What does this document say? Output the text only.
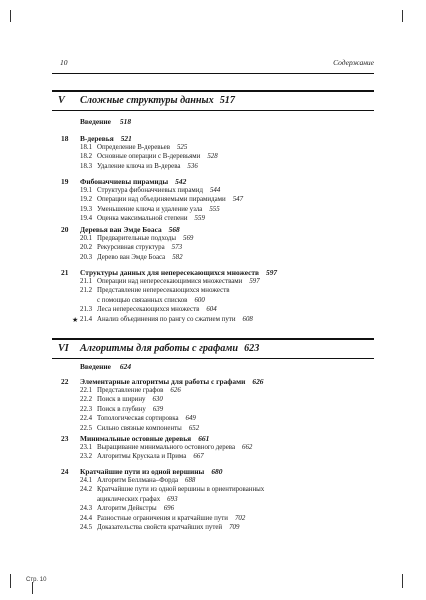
10	Содержание
V Сложные структуры данных 517
Введение 518
18 B-деревья 521
18.1 Определение B-деревьев 525
18.2 Основные операции с B-деревьями 528
18.3 Удаление ключа из B-дерева 536
19 Фибоначчиевы пирамиды 542
19.1 Структура фибоначчиевых пирамид 544
19.2 Операции над объединяемыми пирамидами 547
19.3 Уменьшение ключа и удаление узла 555
19.4 Оценка максимальной степени 559
20 Деревья ван Эмде Боаса 568
20.1 Предварительные подходы 569
20.2 Рекурсивная структура 573
20.3 Дерево ван Эмде Боаса 582
21 Структуры данных для непересекающихся множеств 597
21.1 Операции над непересекающимися множествами 597
21.2 Представление непересекающихся множеств
с помощью связанных списков 600
21.3 Леса непересекающихся множеств 604
★ 21.4 Анализ объединения по рангу со сжатием пути 608
VI Алгоритмы для работы с графами 623
Введение 624
22 Элементарные алгоритмы для работы с графами 626
22.1 Представление графов 626
22.2 Поиск в ширину 630
22.3 Поиск в глубину 639
22.4 Топологическая сортировка 649
22.5 Сильно связные компоненты 652
23 Минимальные остовные деревья 661
23.1 Выращивание минимального остовного дерева 662
23.2 Алгоритмы Крускала и Прима 667
24 Кратчайшие пути из одной вершины 680
24.1 Алгоритм Беллмана–Форда 688
24.2 Кратчайшие пути из одной вершины в ориентированных
ациклических графах 693
24.3 Алгоритм Дейкстры 696
24.4 Разностные ограничения и кратчайшие пути 702
24.5 Доказательства свойств кратчайших путей 709
Стр. 10
